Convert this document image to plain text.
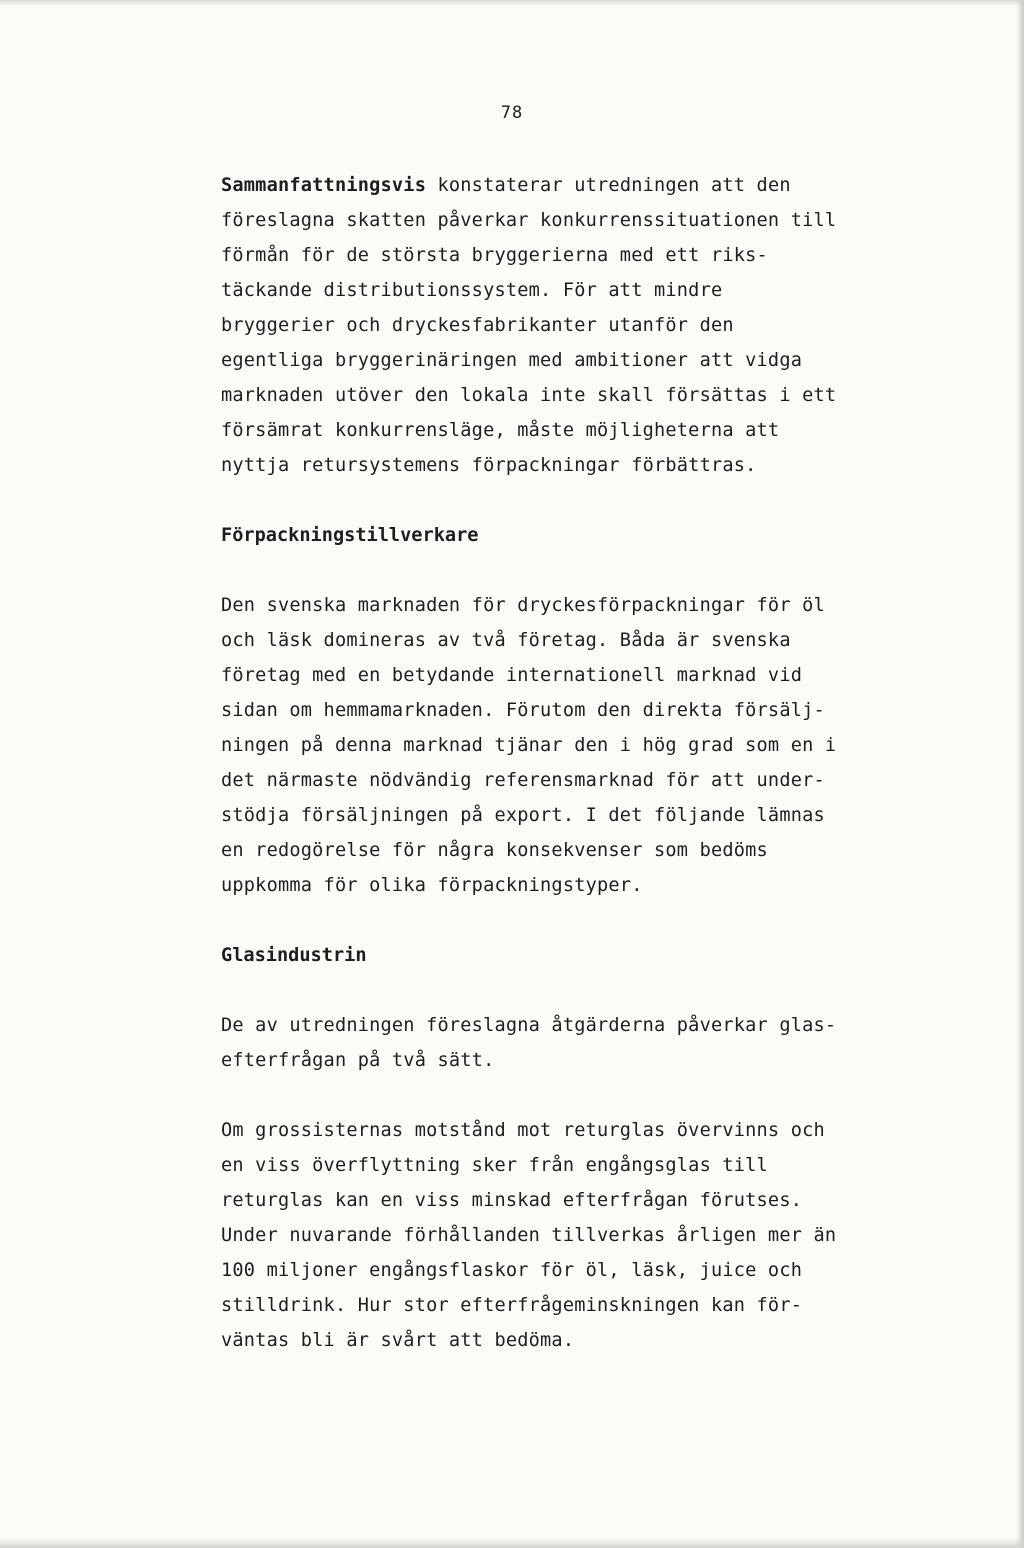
78

Sammanfattningsvis konstaterar utredningen att den
föreslagna skatten påverkar konkurrenssituationen till
förmån för de största bryggerierna med ett riks-
täckande distributionssystem. För att mindre
bryggerier och dryckesfabrikanter utanför den
egentliga bryggerinäringen med ambitioner att vidga
marknaden utöver den lokala inte skall försättas i ett
försämrat konkurrensläge, måste möjligheterna att
nyttja retursystemens förpackningar förbättras.

Förpackningstillverkare

Den svenska marknaden för dryckesförpackningar för öl
och läsk domineras av två företag. Båda är svenska
företag med en betydande internationell marknad vid
sidan om hemmamarknaden. Förutom den direkta försälj-
ningen på denna marknad tjänar den i hög grad som en i
det närmaste nödvändig referensmarknad för att under-
stödja försäljningen på export. I det följande lämnas
en redogörelse för några konsekvenser som bedöms
uppkomma för olika förpackningstyper.

Glasindustrin

De av utredningen föreslagna åtgärderna påverkar glas-
efterfrågan på två sätt.

Om grossisternas motstånd mot returglas övervinns och
en viss överflyttning sker från engångsglas till
returglas kan en viss minskad efterfrågan förutses.
Under nuvarande förhållanden tillverkas årligen mer än
100 miljoner engångsflaskor för öl, läsk, juice och
stilldrink. Hur stor efterfrågeminskningen kan för-
väntas bli är svårt att bedöma.
